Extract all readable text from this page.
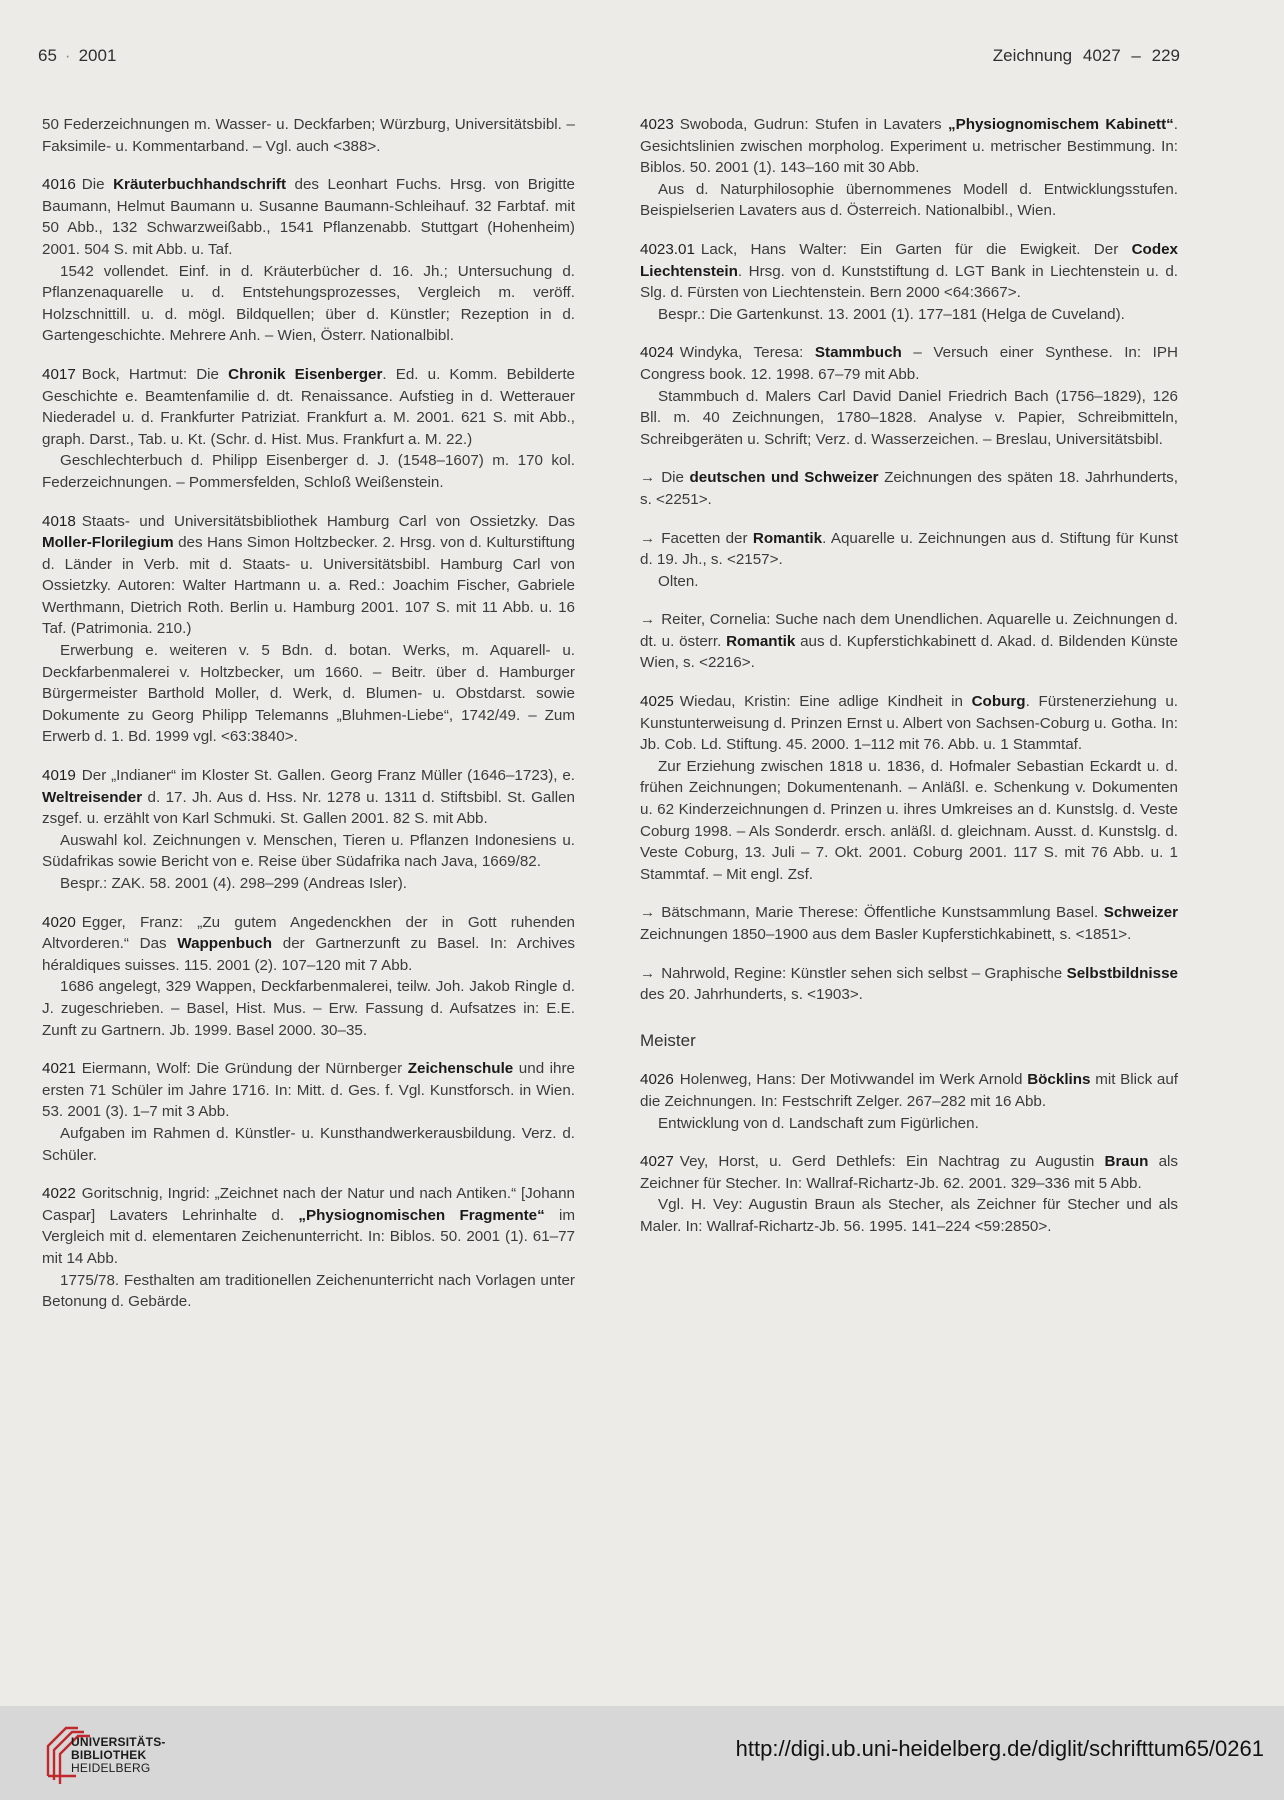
65 · 2001	Zeichnung 4027 – 229

50 Federzeichnungen m. Wasser- u. Deckfarben; Würzburg, Universitätsbibl. – Faksimile- u. Kommentarband. – Vgl. auch <388>.

4016 Die Kräuterbuchhandschrift des Leonhart Fuchs. Hrsg. von Brigitte Baumann, Helmut Baumann u. Susanne Baumann-Schleihauf. 32 Farbtaf. mit 50 Abb., 132 Schwarzweißabb., 1541 Pflanzenabb. Stuttgart (Hohenheim) 2001. 504 S. mit Abb. u. Taf.

1542 vollendet. Einf. in d. Kräuterbücher d. 16. Jh.; Untersuchung d. Pflanzenaquarelle u. d. Entstehungsprozesses, Vergleich m. veröff. Holzschnittill. u. d. mögl. Bildquellen; über d. Künstler; Rezeption in d. Gartengeschichte. Mehrere Anh. – Wien, Österr. Nationalbibl.

4017 Bock, Hartmut: Die Chronik Eisenberger. Ed. u. Komm. Bebilderte Geschichte e. Beamtenfamilie d. dt. Renaissance. Aufstieg in d. Wetterauer Niederadel u. d. Frankfurter Patriziat. Frankfurt a. M. 2001. 621 S. mit Abb., graph. Darst., Tab. u. Kt. (Schr. d. Hist. Mus. Frankfurt a. M. 22.)

Geschlechterbuch d. Philipp Eisenberger d. J. (1548–1607) m. 170 kol. Federzeichnungen. – Pommersfelden, Schloß Weißenstein.

4018 Staats- und Universitätsbibliothek Hamburg Carl von Ossietzky. Das Moller-Florilegium des Hans Simon Holtzbecker. 2. Hrsg. von d. Kulturstiftung d. Länder in Verb. mit d. Staats- u. Universitätsbibl. Hamburg Carl von Ossietzky. Autoren: Walter Hartmann u. a. Red.: Joachim Fischer, Gabriele Werthmann, Dietrich Roth. Berlin u. Hamburg 2001. 107 S. mit 11 Abb. u. 16 Taf. (Patrimonia. 210.)

Erwerbung e. weiteren v. 5 Bdn. d. botan. Werks, m. Aquarell- u. Deckfarbenmalerei v. Holtzbecker, um 1660. – Beitr. über d. Hamburger Bürgermeister Barthold Moller, d. Werk, d. Blumen- u. Obstdarst. sowie Dokumente zu Georg Philipp Telemanns „Bluhmen-Liebe“, 1742/49. – Zum Erwerb d. 1. Bd. 1999 vgl. <63:3840>.

4019 Der „Indianer“ im Kloster St. Gallen. Georg Franz Müller (1646–1723), e. Weltreisender d. 17. Jh. Aus d. Hss. Nr. 1278 u. 1311 d. Stiftsbibl. St. Gallen zsgef. u. erzählt von Karl Schmuki. St. Gallen 2001. 82 S. mit Abb.

Auswahl kol. Zeichnungen v. Menschen, Tieren u. Pflanzen Indonesiens u. Südafrikas sowie Bericht von e. Reise über Südafrika nach Java, 1669/82.

Bespr.: ZAK. 58. 2001 (4). 298–299 (Andreas Isler).

4020 Egger, Franz: „Zu gutem Angedenckhen der in Gott ruhenden Altvorderen.“ Das Wappenbuch der Gartnerzunft zu Basel. In: Archives héraldiques suisses. 115. 2001 (2). 107–120 mit 7 Abb.

1686 angelegt, 329 Wappen, Deckfarbenmalerei, teilw. Joh. Jakob Ringle d. J. zugeschrieben. – Basel, Hist. Mus. – Erw. Fassung d. Aufsatzes in: E.E. Zunft zu Gartnern. Jb. 1999. Basel 2000. 30–35.

4021 Eiermann, Wolf: Die Gründung der Nürnberger Zeichenschule und ihre ersten 71 Schüler im Jahre 1716. In: Mitt. d. Ges. f. Vgl. Kunstforsch. in Wien. 53. 2001 (3). 1–7 mit 3 Abb.

Aufgaben im Rahmen d. Künstler- u. Kunsthandwerkerausbildung. Verz. d. Schüler.

4022 Goritschnig, Ingrid: „Zeichnet nach der Natur und nach Antiken.“ [Johann Caspar] Lavaters Lehrinhalte d. „Physiognomischen Fragmente“ im Vergleich mit d. elementaren Zeichenunterricht. In: Biblos. 50. 2001 (1). 61–77 mit 14 Abb.

1775/78. Festhalten am traditionellen Zeichenunterricht nach Vorlagen unter Betonung d. Gebärde.

4023 Swoboda, Gudrun: Stufen in Lavaters „Physiognomischem Kabinett“. Gesichtslinien zwischen morpholog. Experiment u. metrischer Bestimmung. In: Biblos. 50. 2001 (1). 143–160 mit 30 Abb.

Aus d. Naturphilosophie übernommenes Modell d. Entwicklungsstufen. Beispielserien Lavaters aus d. Österreich. Nationalbibl., Wien.

4023.01 Lack, Hans Walter: Ein Garten für die Ewigkeit. Der Codex Liechtenstein. Hrsg. von d. Kunststiftung d. LGT Bank in Liechtenstein u. d. Slg. d. Fürsten von Liechtenstein. Bern 2000 <64:3667>.

Bespr.: Die Gartenkunst. 13. 2001 (1). 177–181 (Helga de Cuveland).

4024 Windyka, Teresa: Stammbuch – Versuch einer Synthese. In: IPH Congress book. 12. 1998. 67–79 mit Abb.

Stammbuch d. Malers Carl David Daniel Friedrich Bach (1756–1829), 126 Bll. m. 40 Zeichnungen, 1780–1828. Analyse v. Papier, Schreibmitteln, Schreibgeräten u. Schrift; Verz. d. Wasserzeichen. – Breslau, Universitätsbibl.

→ Die deutschen und Schweizer Zeichnungen des späten 18. Jahrhunderts, s. <2251>.

→ Facetten der Romantik. Aquarelle u. Zeichnungen aus d. Stiftung für Kunst d. 19. Jh., s. <2157>.

Olten.

→ Reiter, Cornelia: Suche nach dem Unendlichen. Aquarelle u. Zeichnungen d. dt. u. österr. Romantik aus d. Kupferstichkabinett d. Akad. d. Bildenden Künste Wien, s. <2216>.

4025 Wiedau, Kristin: Eine adlige Kindheit in Coburg. Fürstenerziehung u. Kunstunterweisung d. Prinzen Ernst u. Albert von Sachsen-Coburg u. Gotha. In: Jb. Cob. Ld. Stiftung. 45. 2000. 1–112 mit 76. Abb. u. 1 Stammtaf.

Zur Erziehung zwischen 1818 u. 1836, d. Hofmaler Sebastian Eckardt u. d. frühen Zeichnungen; Dokumentenanh. – Anläßl. e. Schenkung v. Dokumenten u. 62 Kinderzeichnungen d. Prinzen u. ihres Umkreises an d. Kunstslg. d. Veste Coburg 1998. – Als Sonderdr. ersch. anläßl. d. gleichnam. Ausst. d. Kunstslg. d. Veste Coburg, 13. Juli – 7. Okt. 2001. Coburg 2001. 117 S. mit 76 Abb. u. 1 Stammtaf. – Mit engl. Zsf.

→ Bätschmann, Marie Therese: Öffentliche Kunstsammlung Basel. Schweizer Zeichnungen 1850–1900 aus dem Basler Kupferstichkabinett, s. <1851>.

→ Nahrwold, Regine: Künstler sehen sich selbst – Graphische Selbstbildnisse des 20. Jahrhunderts, s. <1903>.

Meister

4026 Holenweg, Hans: Der Motivwandel im Werk Arnold Böcklins mit Blick auf die Zeichnungen. In: Festschrift Zelger. 267–282 mit 16 Abb.

Entwicklung von d. Landschaft zum Figürlichen.

4027 Vey, Horst, u. Gerd Dethlefs: Ein Nachtrag zu Augustin Braun als Zeichner für Stecher. In: Wallraf-Richartz-Jb. 62. 2001. 329–336 mit 5 Abb.

Vgl. H. Vey: Augustin Braun als Stecher, als Zeichner für Stecher und als Maler. In: Wallraf-Richartz-Jb. 56. 1995. 141–224 <59:2850>.

UNIVERSITÄTS-
BIBLIOTHEK
HEIDELBERG
http://digi.ub.uni-heidelberg.de/diglit/schrifttum65/0261
